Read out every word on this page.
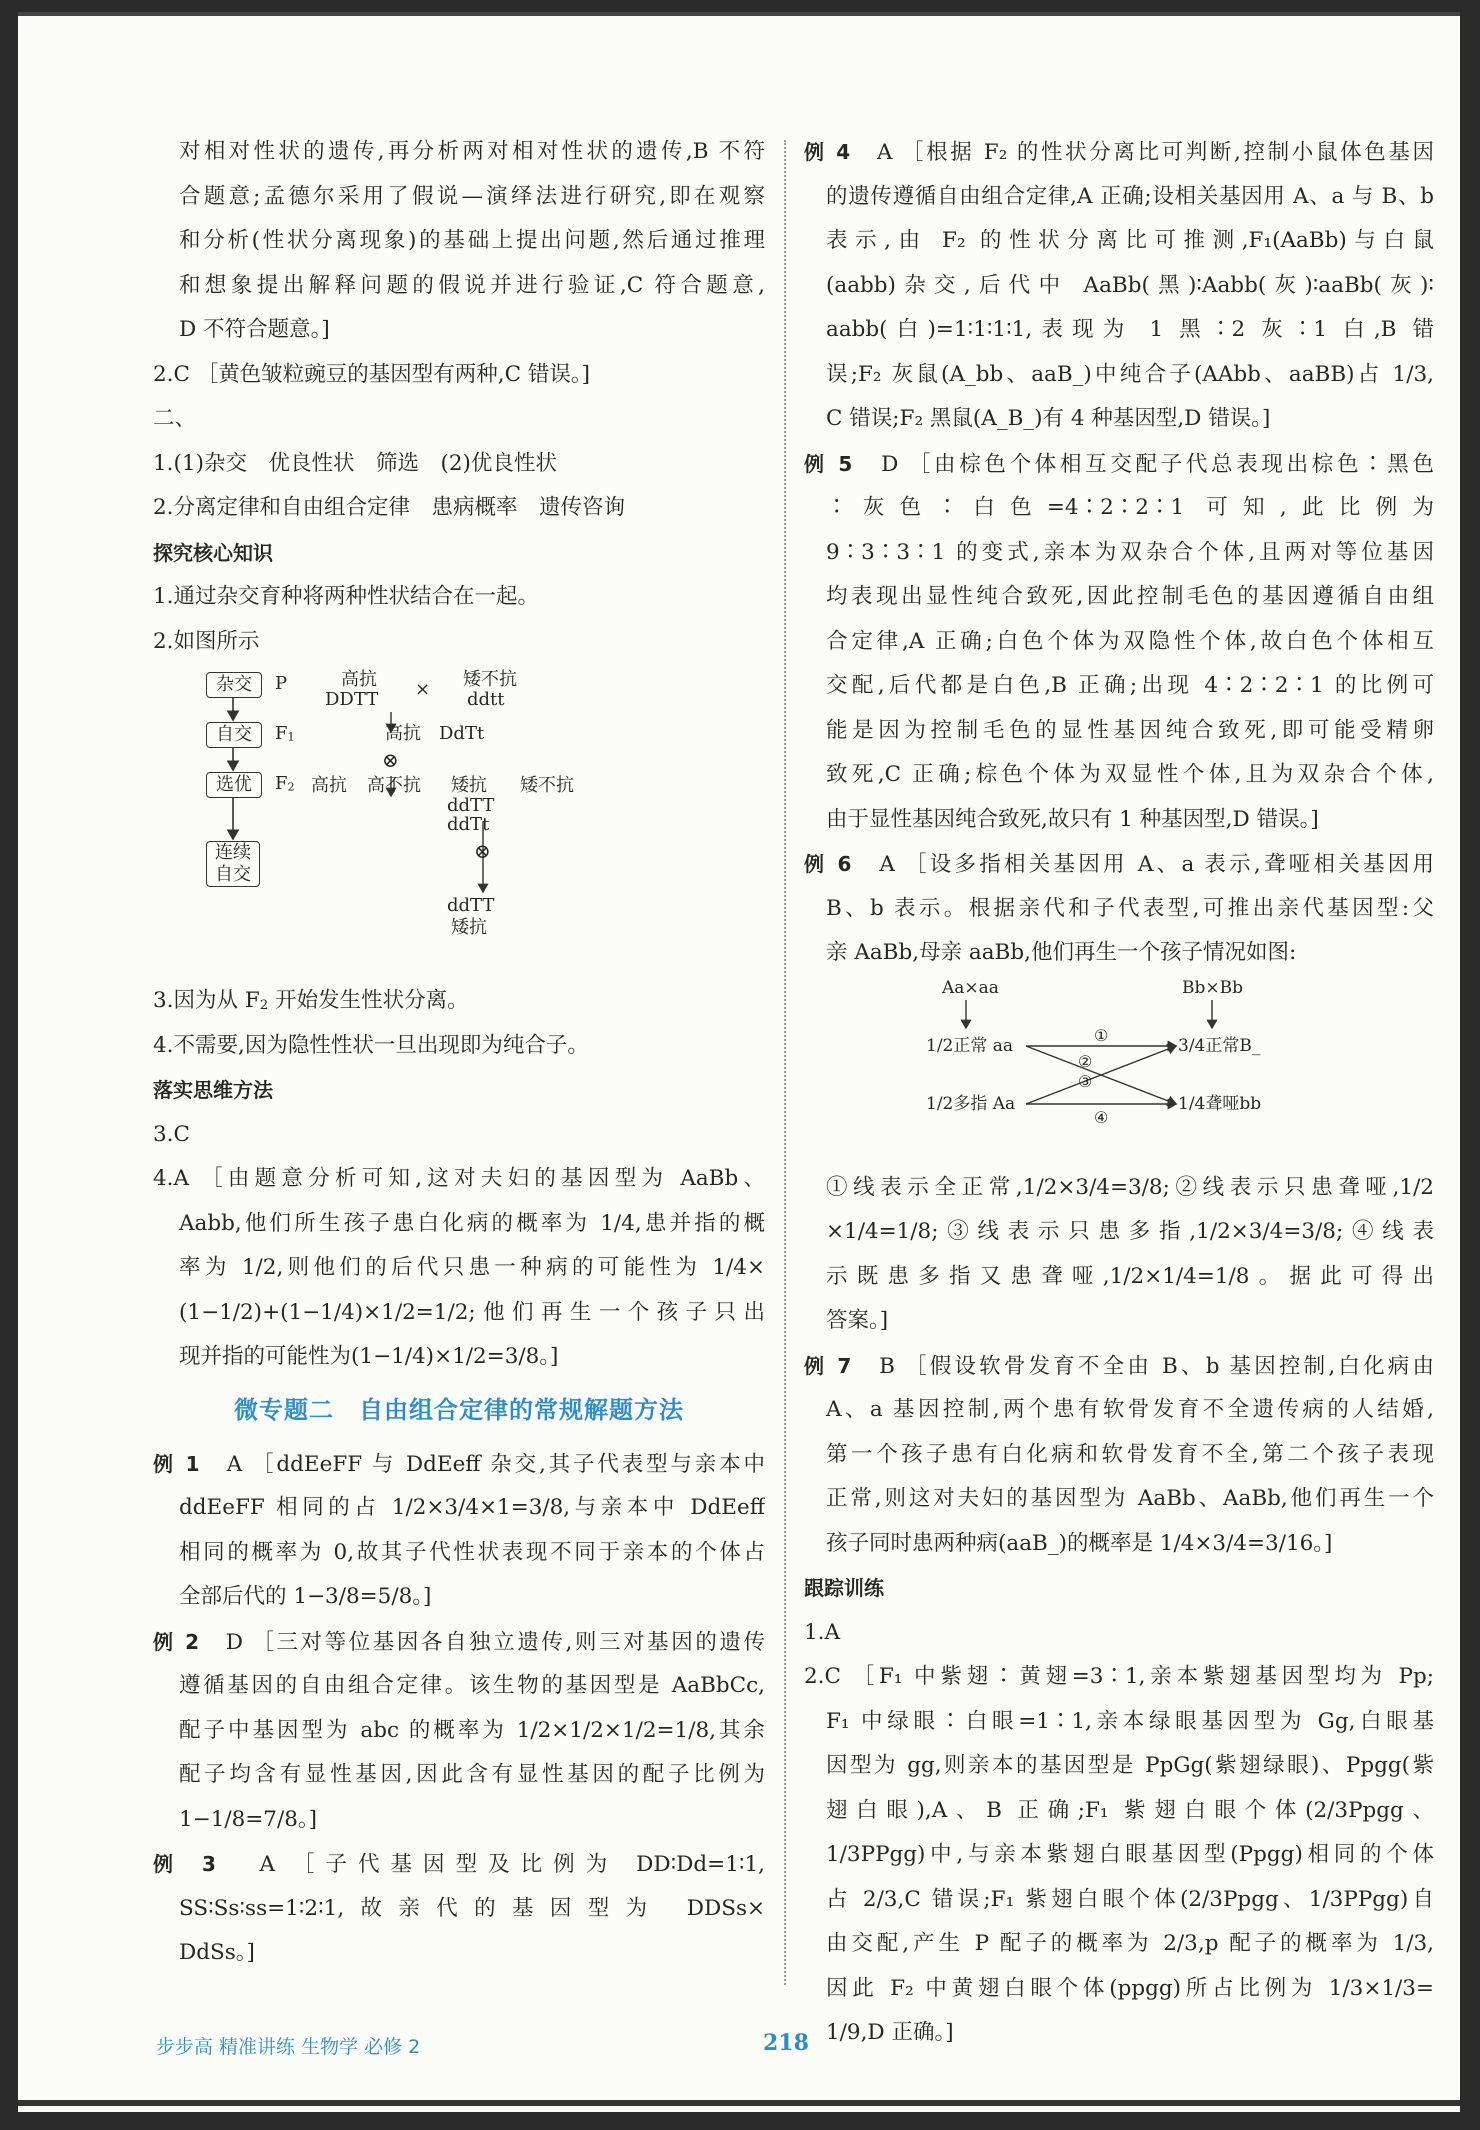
对相对性状的遗传,再分析两对相对性状的遗传,B 不符
合题意;孟德尔采用了假说—演绎法进行研究,即在观察
和分析(性状分离现象)的基础上提出问题,然后通过推理
和想象提出解释问题的假说并进行验证,C 符合题意,
D 不符合题意。]
2.C ［黄色皱粒豌豆的基因型有两种,C 错误。]
二、
1.(1)杂交　优良性状　筛选　(2)优良性状
2.分离定律和自由组合定律　患病概率　遗传咨询
探究核心知识
1.通过杂交育种将两种性状结合在一起。
2.如图所示
杂交
自交
选优
连续自交
P
$F_1$
$F_2$
高抗
DDTT × 矮不抗
ddtt
高抗 DdTt
⊗
高抗 高不抗 矮抗 矮不抗
ddTT
ddTt
⊗
ddTT
矮抗
3.因为从 $F_2$ 开始发生性状分离。
4.不需要,因为隐性性状一旦出现即为纯合子。
落实思维方法
3.C
4.A ［由题意分析可知,这对夫妇的基因型为 AaBb、
Aabb,他们所生孩子患白化病的概率为 1/4,患并指的概
率为 1/2,则他们的后代只患一种病的可能性为 1/4×
(1−1/2)+(1−1/4)×1/2=1/2;他们再生一个孩子只出
现并指的可能性为(1−1/4)×1/2=3/8。]
微专题二　自由组合定律的常规解题方法
例 1　A ［ddEeFF 与 DdEeff 杂交,其子代表型与亲本中
ddEeFF 相同的占 1/2×3/4×1=3/8,与亲本中 DdEeff
相同的概率为 0,故其子代性状表现不同于亲本的个体占
全部后代的 1−3/8=5/8。]
例 2　D ［三对等位基因各自独立遗传,则三对基因的遗传
遵循基因的自由组合定律。该生物的基因型是 AaBbCc,
配子中基因型为 abc 的概率为 1/2×1/2×1/2=1/8,其余
配子均含有显性基因,因此含有显性基因的配子比例为
1−1/8=7/8。]
例 3　A ［子代基因型及比例为 DD∶Dd=1∶1,
SS∶Ss∶ss=1∶2∶1,故亲代的基因型为 DDSs×
DdSs。]
例 4　A ［根据 F₂ 的性状分离比可判断,控制小鼠体色基因
的遗传遵循自由组合定律,A 正确;设相关基因用 A、a 与 B、b
表示,由 F₂ 的性状分离比可推测,F₁(AaBb)与白鼠
(aabb)杂交,后代中 AaBb(黑)∶Aabb(灰)∶aaBb(灰)∶
aabb(白)=1∶1∶1∶1,表现为 1 黑∶2 灰∶1 白,B 错
误;F₂ 灰鼠(A_bb、aaB_)中纯合子(AAbb、aaBB)占 1/3,
C 错误;F₂ 黑鼠(A_B_)有 4 种基因型,D 错误。]
例 5　D ［由棕色个体相互交配子代总表现出棕色∶黑色
∶灰色∶白色=4∶2∶2∶1 可知,此比例为
9∶3∶3∶1 的变式,亲本为双杂合个体,且两对等位基因
均表现出显性纯合致死,因此控制毛色的基因遵循自由组
合定律,A 正确;白色个体为双隐性个体,故白色个体相互
交配,后代都是白色,B 正确;出现 4∶2∶2∶1 的比例可
能是因为控制毛色的显性基因纯合致死,即可能受精卵
致死,C 正确;棕色个体为双显性个体,且为双杂合个体,
由于显性基因纯合致死,故只有 1 种基因型,D 错误。]
例 6　A ［设多指相关基因用 A、a 表示,聋哑相关基因用
B、b 表示。根据亲代和子代表型,可推出亲代基因型:父
亲 AaBb,母亲 aaBb,他们再生一个孩子情况如图:
Aa×aa	Bb×Bb
1/2正常 aa
1/2多指 Aa
3/4正常B_
1/4聋哑bb
①
②
③
④
①线表示全正常,1/2×3/4=3/8;②线表示只患聋哑,1/2
×1/4=1/8;③线表示只患多指,1/2×3/4=3/8;④线表
示既患多指又患聋哑,1/2×1/4=1/8。据此可得出
答案。]
例 7　B ［假设软骨发育不全由 B、b 基因控制,白化病由
A、a 基因控制,两个患有软骨发育不全遗传病的人结婚,
第一个孩子患有白化病和软骨发育不全,第二个孩子表现
正常,则这对夫妇的基因型为 AaBb、AaBb,他们再生一个
孩子同时患两种病(aaB_)的概率是 1/4×3/4=3/16。]
跟踪训练
1.A
2.C ［F₁ 中紫翅∶黄翅=3∶1,亲本紫翅基因型均为 Pp;
F₁ 中绿眼∶白眼=1∶1,亲本绿眼基因型为 Gg,白眼基
因型为 gg,则亲本的基因型是 PpGg(紫翅绿眼)、Ppgg(紫
翅白眼),A、B 正确;F₁ 紫翅白眼个体(2/3Ppgg、
1/3PPgg)中,与亲本紫翅白眼基因型(Ppgg)相同的个体
占 2/3,C 错误;F₁ 紫翅白眼个体(2/3Ppgg、1/3PPgg)自
由交配,产生 P 配子的概率为 2/3,p 配子的概率为 1/3,
因此 F₂ 中黄翅白眼个体(ppgg)所占比例为 1/3×1/3=
1/9,D 正确。]
步步高 精准讲练 生物学 必修 2	218
